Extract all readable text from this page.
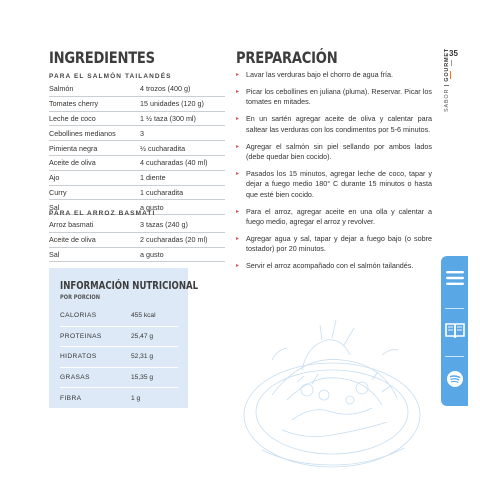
INGREDIENTES	PREPARACIÓN
PARA EL SALMÓN TAILANDÉS
Salmón	4 trozos (400 g)
Tomates cherry	15 unidades (120 g)
Leche de coco	1 ½ taza (300 ml)
Cebollines medianos	3
Pimienta negra	½ cucharadita
Aceite de oliva	4 cucharadas (40 ml)
Ajo	1 diente
Curry	1 cucharadita
Sal	a gusto
PARA EL ARROZ BASMATI
Arroz basmati	3 tazas (240 g)
Aceite de oliva	2 cucharadas (20 ml)
Sal	a gusto
INFORMACIÓN NUTRICIONAL
POR PORCIÓN
CALORIAS	455 kcal
PROTEINAS	25,47 g
HIDRATOS	52,31 g
GRASAS	15,35 g
FIBRA	1 g
▸ Lavar las verduras bajo el chorro de agua fría.
▸ Picar los cebollines en juliana (pluma). Reservar. Picar los tomates en mitades.
▸ En un sartén agregar aceite de oliva y calentar para saltear las verduras con los condimentos por 5-6 minutos.
▸ Agregar el salmón sin piel sellando por ambos lados (debe quedar bien cocido).
▸ Pasados los 15 minutos, agregar leche de coco, tapar y dejar a fuego medio 180° C durante 15 minutos o hasta que esté bien cocido.
▸ Para el arroz, agregar aceite en una olla y calentar a fuego medio, agregar el arroz y revolver.
▸ Agregar agua y sal, tapar y dejar a fuego bajo (o sobre tostador) por 20 minutos.
▸ Servir el arroz acompañado con el salmón tailandés.
35
SABOR | GOURMET
